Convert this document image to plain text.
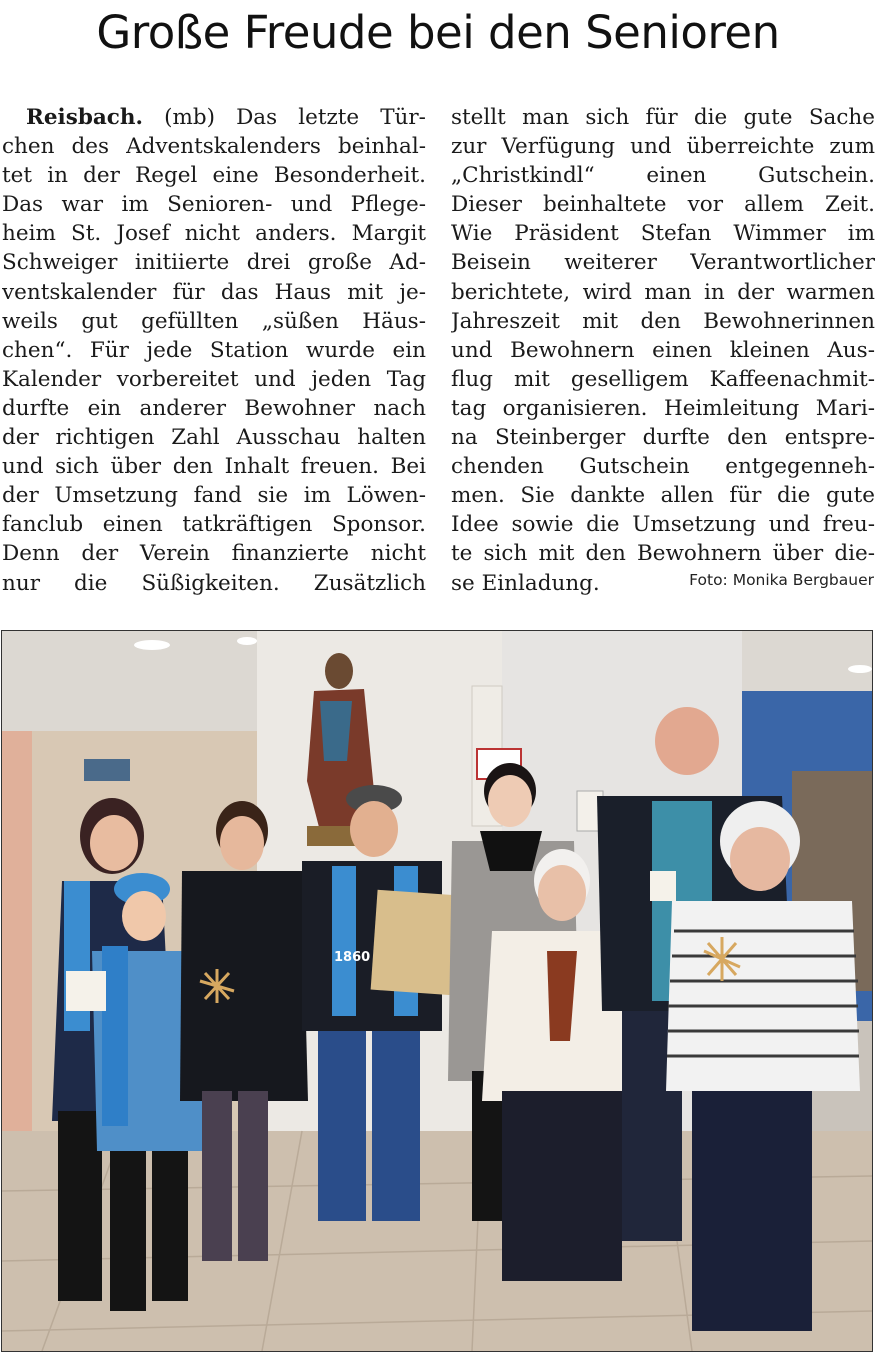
Große Freude bei den Senioren
Reisbach. (mb) Das letzte Tür-
chen des Adventskalenders beinhal-
tet in der Regel eine Besonderheit.
Das war im Senioren- und Pflege-
heim St. Josef nicht anders. Margit
Schweiger initiierte drei große Ad-
ventskalender für das Haus mit je-
weils gut gefüllten „süßen Häus-
chen“. Für jede Station wurde ein
Kalender vorbereitet und jeden Tag
durfte ein anderer Bewohner nach
der richtigen Zahl Ausschau halten
und sich über den Inhalt freuen. Bei
der Umsetzung fand sie im Löwen-
fanclub einen tatkräftigen Sponsor.
Denn der Verein finanzierte nicht
nur die Süßigkeiten. Zusätzlich
stellt man sich für die gute Sache
zur Verfügung und überreichte zum
„Christkindl“ einen Gutschein.
Dieser beinhaltete vor allem Zeit.
Wie Präsident Stefan Wimmer im
Beisein weiterer Verantwortlicher
berichtete, wird man in der warmen
Jahreszeit mit den Bewohnerinnen
und Bewohnern einen kleinen Aus-
flug mit geselligem Kaffeenachmit-
tag organisieren. Heimleitung Mari-
na Steinberger durfte den entspre-
chenden Gutschein entgegenneh-
men. Sie dankte allen für die gute
Idee sowie die Umsetzung und freu-
te sich mit den Bewohnern über die-
se Einladung.	Foto: Monika Bergbauer
1860
